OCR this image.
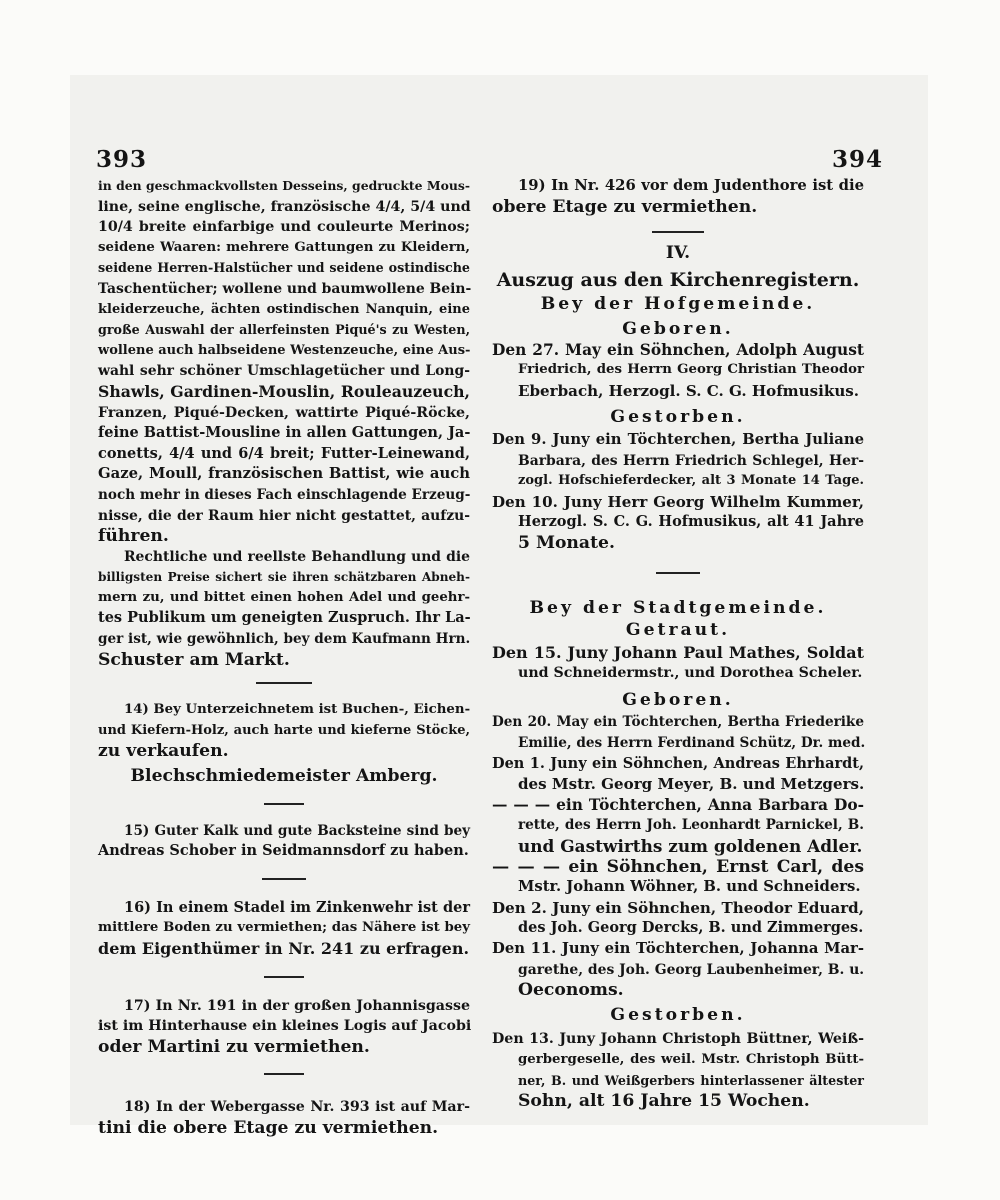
393	394
in den geschmackvollsten Desseins, gedruckte Mous-
line, seine englische, französische 4/4, 5/4 und
10/4 breite einfarbige und couleurte Merinos;
seidene Waaren: mehrere Gattungen zu Kleidern,
seidene Herren-Halstücher und seidene ostindische
Taschentücher; wollene und baumwollene Bein-
kleiderzeuche, ächten ostindischen Nanquin, eine
große Auswahl der allerfeinsten Piqué's zu Westen,
wollene auch halbseidene Westenzeuche, eine Aus-
wahl sehr schöner Umschlagetücher und Long-
Shawls, Gardinen-Mouslin, Rouleauzeuch,
Franzen, Piqué-Decken, wattirte Piqué-Röcke,
feine Battist-Mousline in allen Gattungen, Ja-
conetts, 4/4 und 6/4 breit; Futter-Leinewand,
Gaze, Moull, französischen Battist, wie auch
noch mehr in dieses Fach einschlagende Erzeug-
nisse, die der Raum hier nicht gestattet, aufzu-
führen.
Rechtliche und reellste Behandlung und die
billigsten Preise sichert sie ihren schätzbaren Abneh-
mern zu, und bittet einen hohen Adel und geehr-
tes Publikum um geneigten Zuspruch. Ihr La-
ger ist, wie gewöhnlich, bey dem Kaufmann Hrn.
Schuster am Markt.
14) Bey Unterzeichnetem ist Buchen-, Eichen-
und Kiefern-Holz, auch harte und kieferne Stöcke,
zu verkaufen.
Blechschmiedemeister Amberg.
15) Guter Kalk und gute Backsteine sind bey
Andreas Schober in Seidmannsdorf zu haben.
16) In einem Stadel im Zinkenwehr ist der
mittlere Boden zu vermiethen; das Nähere ist bey
dem Eigenthümer in Nr. 241 zu erfragen.
17) In Nr. 191 in der großen Johannisgasse
ist im Hinterhause ein kleines Logis auf Jacobi
oder Martini zu vermiethen.
18) In der Webergasse Nr. 393 ist auf Mar-
tini die obere Etage zu vermiethen.
19) In Nr. 426 vor dem Judenthore ist die
obere Etage zu vermiethen.
IV.
Auszug aus den Kirchenregistern.
Bey der Hofgemeinde.
Geboren.
Den 27. May ein Söhnchen, Adolph August
Friedrich, des Herrn Georg Christian Theodor
Eberbach, Herzogl. S. C. G. Hofmusikus.
Gestorben.
Den 9. Juny ein Töchterchen, Bertha Juliane
Barbara, des Herrn Friedrich Schlegel, Her-
zogl. Hofschieferdecker, alt 3 Monate 14 Tage.
Den 10. Juny Herr Georg Wilhelm Kummer,
Herzogl. S. C. G. Hofmusikus, alt 41 Jahre
5 Monate.
Bey der Stadtgemeinde.
Getraut.
Den 15. Juny Johann Paul Mathes, Soldat
und Schneidermstr., und Dorothea Scheler.
Geboren.
Den 20. May ein Töchterchen, Bertha Friederike
Emilie, des Herrn Ferdinand Schütz, Dr. med.
Den 1. Juny ein Söhnchen, Andreas Ehrhardt,
des Mstr. Georg Meyer, B. und Metzgers.
— — — ein Töchterchen, Anna Barbara Do-
rette, des Herrn Joh. Leonhardt Parnickel, B.
und Gastwirths zum goldenen Adler.
— — — ein Söhnchen, Ernst Carl, des
Mstr. Johann Wöhner, B. und Schneiders.
Den 2. Juny ein Söhnchen, Theodor Eduard,
des Joh. Georg Dercks, B. und Zimmerges.
Den 11. Juny ein Töchterchen, Johanna Mar-
garethe, des Joh. Georg Laubenheimer, B. u.
Oeconoms.
Gestorben.
Den 13. Juny Johann Christoph Büttner, Weiß-
gerbergeselle, des weil. Mstr. Christoph Bütt-
ner, B. und Weißgerbers hinterlassener ältester
Sohn, alt 16 Jahre 15 Wochen.
